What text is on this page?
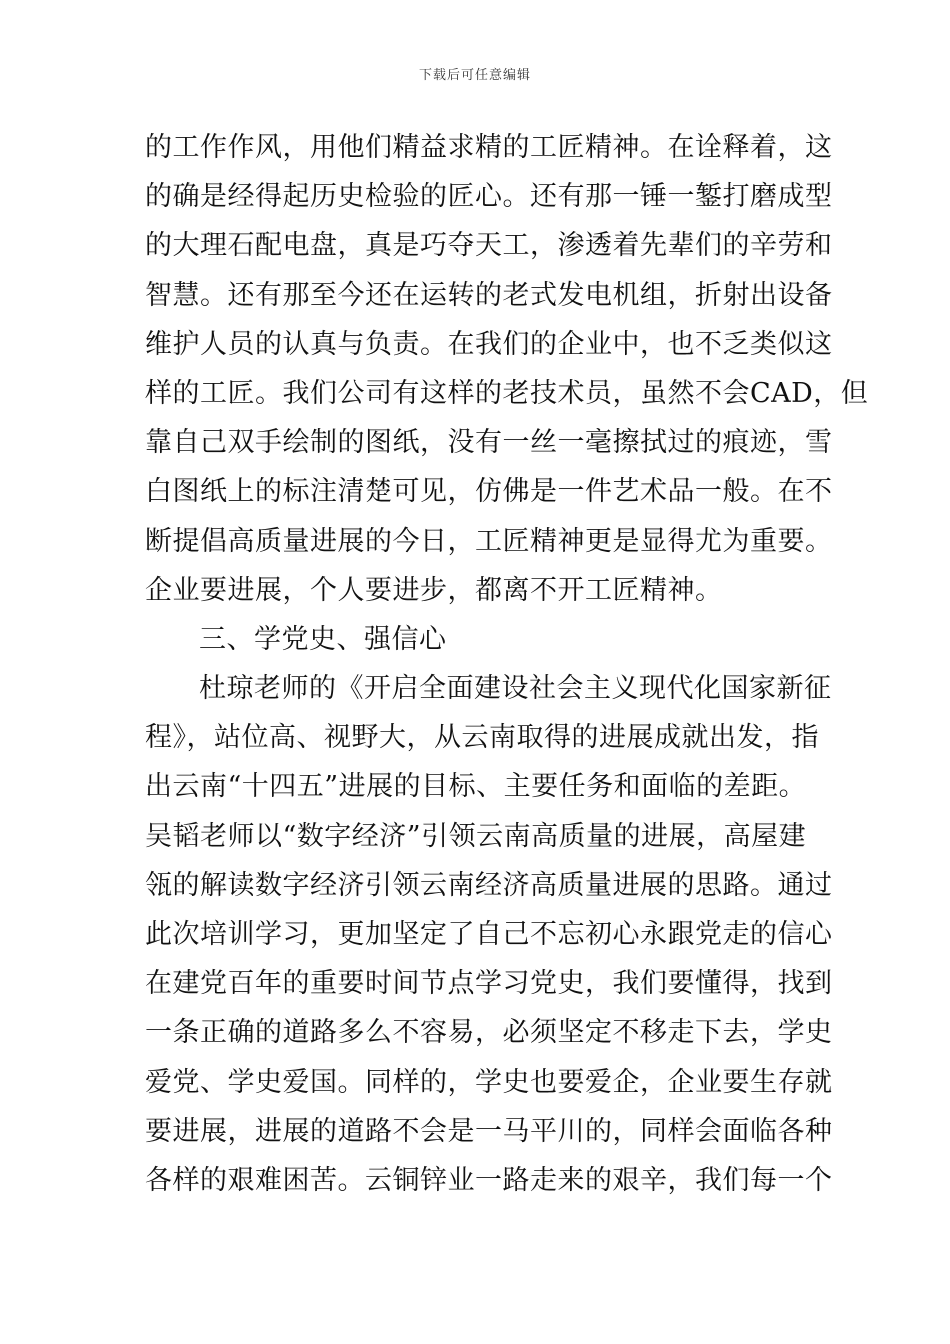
下载后可任意编辑
的工作作风，用他们精益求精的工匠精神。在诠释着，这
的确是经得起历史检验的匠心。还有那一锤一錾打磨成型
的大理石配电盘，真是巧夺天工，渗透着先辈们的辛劳和
智慧。还有那至今还在运转的老式发电机组，折射出设备
维护人员的认真与负责。在我们的企业中，也不乏类似这
样的工匠。我们公司有这样的老技术员，虽然不会CAD，但
靠自己双手绘制的图纸，没有一丝一毫擦拭过的痕迹，雪
白图纸上的标注清楚可见，仿佛是一件艺术品一般。在不
断提倡高质量进展的今日，工匠精神更是显得尤为重要。
企业要进展，个人要进步，都离不开工匠精神。
三、学党史、强信心
杜琼老师的《开启全面建设社会主义现代化国家新征
程》，站位高、视野大，从云南取得的进展成就出发，指
出云南“十四五”进展的目标、主要任务和面临的差距。
吴韬老师以“数字经济”引领云南高质量的进展，高屋建
瓴的解读数字经济引领云南经济高质量进展的思路。通过
此次培训学习，更加坚定了自己不忘初心永跟党走的信心
在建党百年的重要时间节点学习党史，我们要懂得，找到
一条正确的道路多么不容易，必须坚定不移走下去，学史
爱党、学史爱国。同样的，学史也要爱企，企业要生存就
要进展，进展的道路不会是一马平川的，同样会面临各种
各样的艰难困苦。云铜锌业一路走来的艰辛，我们每一个
